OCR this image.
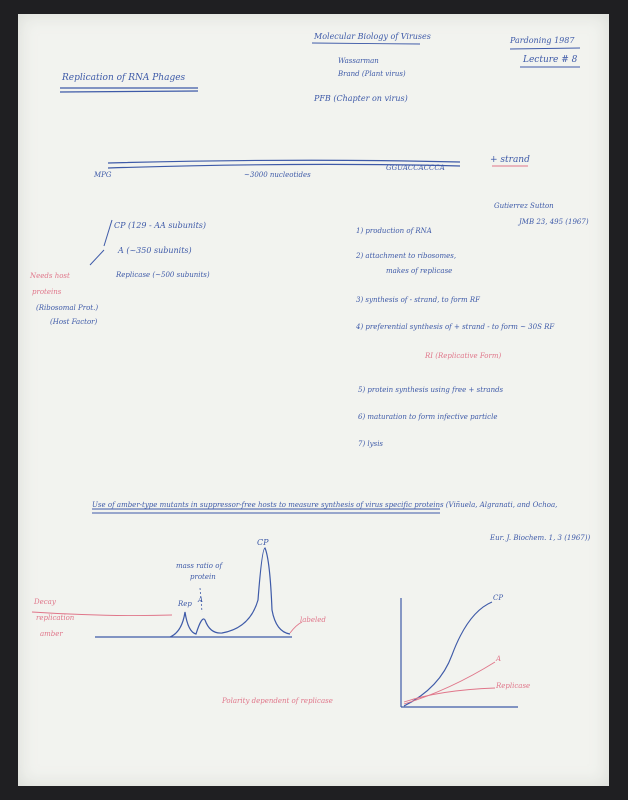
Molecular Biology of Viruses
Wassarman
Brand (Plant virus)
PFB (Chapter on virus)
Pardoning 1987
Lecture # 8
Replication of RNA Phages
MPG	~3000 nucleotides
GGUACCACCCA
+ strand
Gutierrez Sutton
JMB 23, 495 (1967)
CP (129 - AA subunits)
A (~350 subunits)
Replicase (~500 subunits)
Needs host
proteins
(Ribosomal Prot.)
(Host Factor)
1) production of RNA
2) attachment to ribosomes,
makes of replicase
3) synthesis of - strand, to form RF
4) preferential synthesis of + strand - to form ~ 30S RF
RI (Replicative Form)
5) protein synthesis using free + strands
6) maturation to form infective particle
7) lysis
Use of amber-type mutants in suppressor-free hosts to measure synthesis of virus specific proteins (Viñuela, Algranati, and Ochoa,
Eur. J. Biochem. 1, 3 (1967))
CP
mass ratio of
protein
Rep A
Decay
replication
amber
labeled
Polarity dependent of replicase
CP
A
Replicase
